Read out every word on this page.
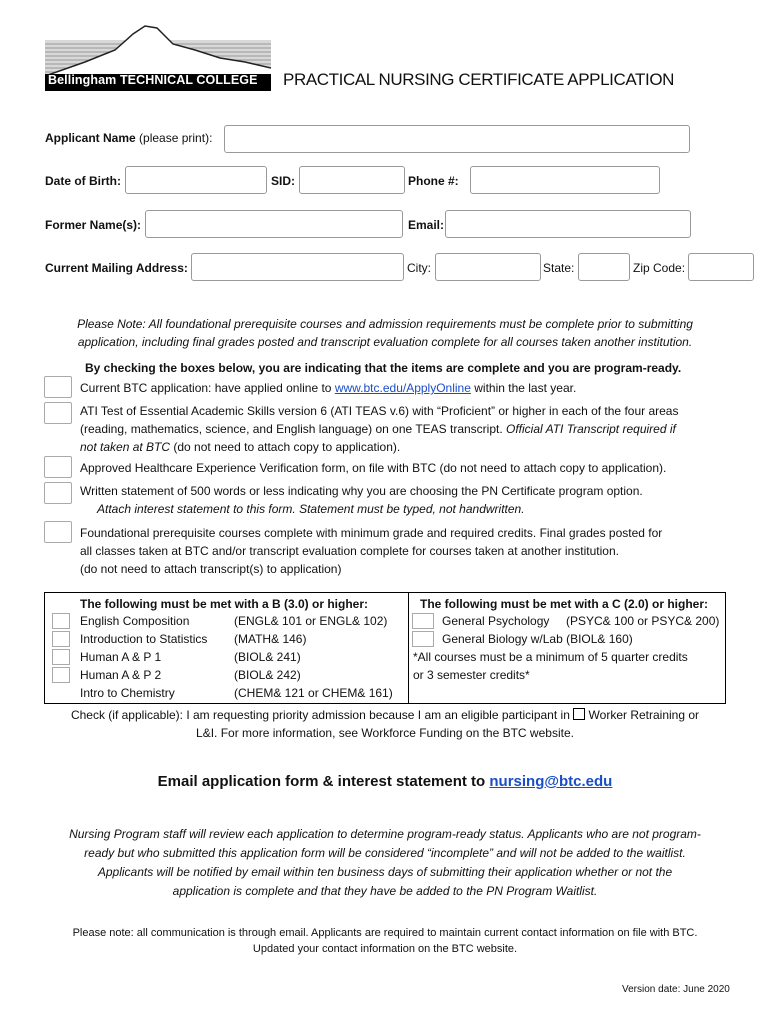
Bellingham TECHNICAL COLLEGE PRACTICAL NURSING CERTIFICATE APPLICATION
Applicant Name (please print):
Date of Birth:	SID:	Phone #:
Former Name(s):	Email:
Current Mailing Address:	City:	State:	Zip Code:
Please Note: All foundational prerequisite courses and admission requirements must be complete prior to submitting
application, including final grades posted and transcript evaluation complete for all courses taken another institution.
By checking the boxes below, you are indicating that the items are complete and you are program-ready.
Current BTC application: have applied online to www.btc.edu/ApplyOnline within the last year.
ATI Test of Essential Academic Skills version 6 (ATI TEAS v.6) with “Proficient” or higher in each of the four areas
(reading, mathematics, science, and English language) on one TEAS transcript. Official ATI Transcript required if
not taken at BTC (do not need to attach copy to application).
Approved Healthcare Experience Verification form, on file with BTC (do not need to attach copy to application).
Written statement of 500 words or less indicating why you are choosing the PN Certificate program option.
Attach interest statement to this form. Statement must be typed, not handwritten.
Foundational prerequisite courses complete with minimum grade and required credits. Final grades posted for
all classes taken at BTC and/or transcript evaluation complete for courses taken at another institution.
(do not need to attach transcript(s) to application)
The following must be met with a B (3.0) or higher:	The following must be met with a C (2.0) or higher:
English Composition	(ENGL& 101 or ENGL& 102)
Introduction to Statistics (MATH& 146)
Human A & P 1	(BIOL& 241)
Human A & P 2	(BIOL& 242)
Intro to Chemistry	(CHEM& 121 or CHEM& 161)
General Psychology (PSYC& 100 or PSYC& 200)
General Biology w/Lab (BIOL& 160)
*All courses must be a minimum of 5 quarter credits
or 3 semester credits*
Check (if applicable): I am requesting priority admission because I am an eligible participant in  Worker Retraining or
L&I. For more information, see Workforce Funding on the BTC website.
Email application form & interest statement to nursing@btc.edu
Nursing Program staff will review each application to determine program-ready status. Applicants who are not program-
ready but who submitted this application form will be considered “incomplete” and will not be added to the waitlist.
Applicants will be notified by email within ten business days of submitting their application whether or not the
application is complete and that they have be added to the PN Program Waitlist.
Please note: all communication is through email. Applicants are required to maintain current contact information on file with BTC.
Updated your contact information on the BTC website.
Version date: June 2020
